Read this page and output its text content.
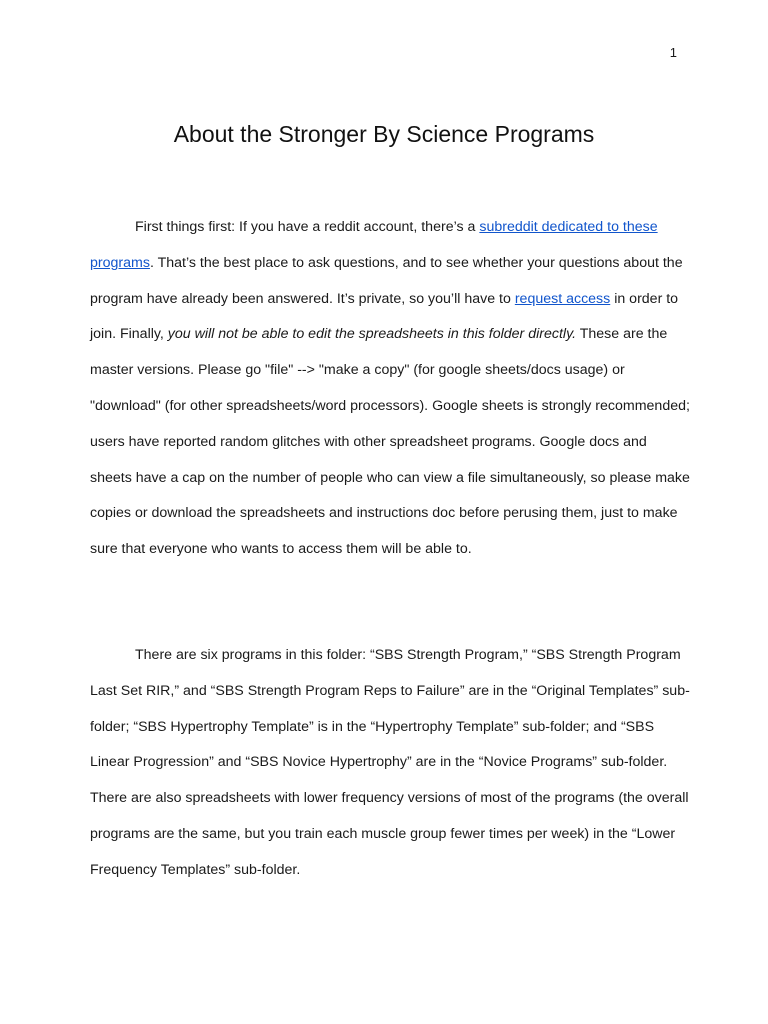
1
About the Stronger By Science Programs

First things first: If you have a reddit account, there’s a subreddit dedicated to these programs. That’s the best place to ask questions, and to see whether your questions about the program have already been answered. It’s private, so you’ll have to request access in order to join. Finally, you will not be able to edit the spreadsheets in this folder directly. These are the master versions. Please go "file" --> "make a copy" (for google sheets/docs usage) or "download" (for other spreadsheets/word processors). Google sheets is strongly recommended; users have reported random glitches with other spreadsheet programs. Google docs and sheets have a cap on the number of people who can view a file simultaneously, so please make copies or download the spreadsheets and instructions doc before perusing them, just to make sure that everyone who wants to access them will be able to.

There are six programs in this folder: “SBS Strength Program,” “SBS Strength Program Last Set RIR,” and “SBS Strength Program Reps to Failure” are in the “Original Templates” sub-folder; “SBS Hypertrophy Template” is in the “Hypertrophy Template” sub-folder; and “SBS Linear Progression” and “SBS Novice Hypertrophy” are in the “Novice Programs” sub-folder. There are also spreadsheets with lower frequency versions of most of the programs (the overall programs are the same, but you train each muscle group fewer times per week) in the “Lower Frequency Templates” sub-folder.
